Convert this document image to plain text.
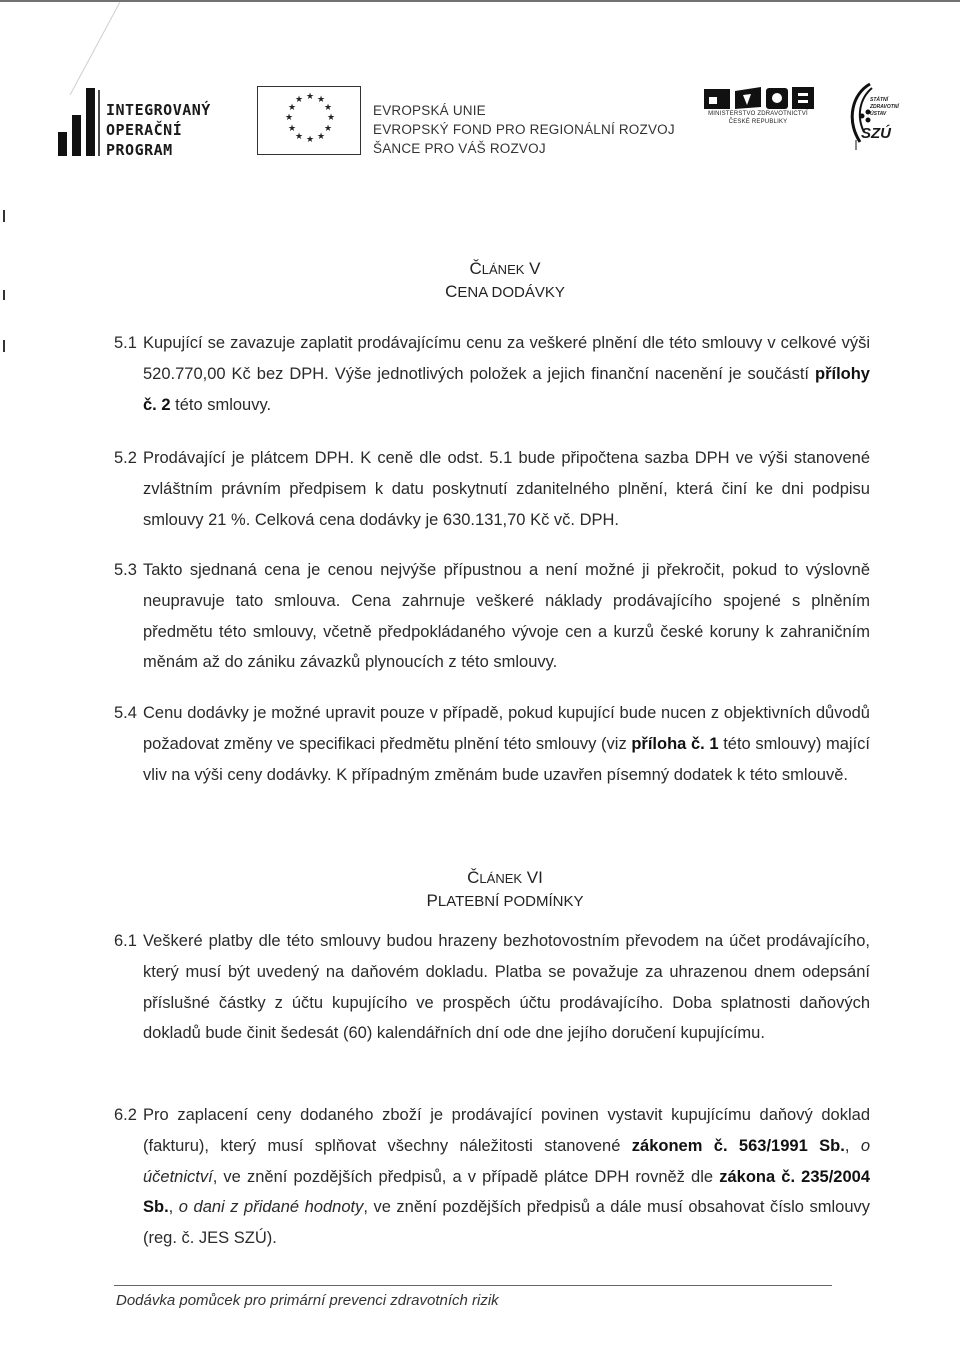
INTEGROVANÝ
OPERAČNÍ
PROGRAM
★
★ ★
★	★
★	★
★	★
★ ★
★
EVROPSKÁ UNIE
EVROPSKÝ FOND PRO REGIONÁLNÍ ROZVOJ
ŠANCE PRO VÁŠ ROZVOJ
MINISTERSTVO ZDRAVOTNICTVÍ
ČESKÉ REPUBLIKY
STÁTNÍ
ZDRAVOTNÍ
ÚSTAV
SZÚ
ČLÁNEK V
CENA DODÁVKY
5.1 Kupující se zavazuje zaplatit prodávajícímu cenu za veškeré plnění dle této smlouvy v celkové výši 520.770,00 Kč bez DPH. Výše jednotlivých položek a jejich finanční nacenění je součástí přílohy č. 2 této smlouvy.
5.2 Prodávající je plátcem DPH. K ceně dle odst. 5.1 bude připočtena sazba DPH ve výši stanovené zvláštním právním předpisem k datu poskytnutí zdanitelného plnění, která činí ke dni podpisu smlouvy 21 %. Celková cena dodávky je 630.131,70 Kč vč. DPH.
5.3 Takto sjednaná cena je cenou nejvýše přípustnou a není možné ji překročit, pokud to výslovně neupravuje tato smlouva. Cena zahrnuje veškeré náklady prodávajícího spojené s plněním předmětu této smlouvy, včetně předpokládaného vývoje cen a kurzů české koruny k zahraničním měnám až do zániku závazků plynoucích z této smlouvy.
5.4 Cenu dodávky je možné upravit pouze v případě, pokud kupující bude nucen z objektivních důvodů požadovat změny ve specifikaci předmětu plnění této smlouvy (viz příloha č. 1 této smlouvy) mající vliv na výši ceny dodávky. K případným změnám bude uzavřen písemný dodatek k této smlouvě.
ČLÁNEK VI
PLATEBNÍ PODMÍNKY
6.1 Veškeré platby dle této smlouvy budou hrazeny bezhotovostním převodem na účet prodávajícího, který musí být uvedený na daňovém dokladu. Platba se považuje za uhrazenou dnem odepsání příslušné částky z účtu kupujícího ve prospěch účtu prodávajícího. Doba splatnosti daňových dokladů bude činit šedesát (60) kalendářních dní ode dne jejího doručení kupujícímu.
6.2 Pro zaplacení ceny dodaného zboží je prodávající povinen vystavit kupujícímu daňový doklad (fakturu), který musí splňovat všechny náležitosti stanovené zákonem č. 563/1991 Sb., o účetnictví, ve znění pozdějších předpisů, a v případě plátce DPH rovněž dle zákona č. 235/2004 Sb., o dani z přidané hodnoty, ve znění pozdějších předpisů a dále musí obsahovat číslo smlouvy (reg. č. JES SZÚ).
Dodávka pomůcek pro primární prevenci zdravotních rizik
